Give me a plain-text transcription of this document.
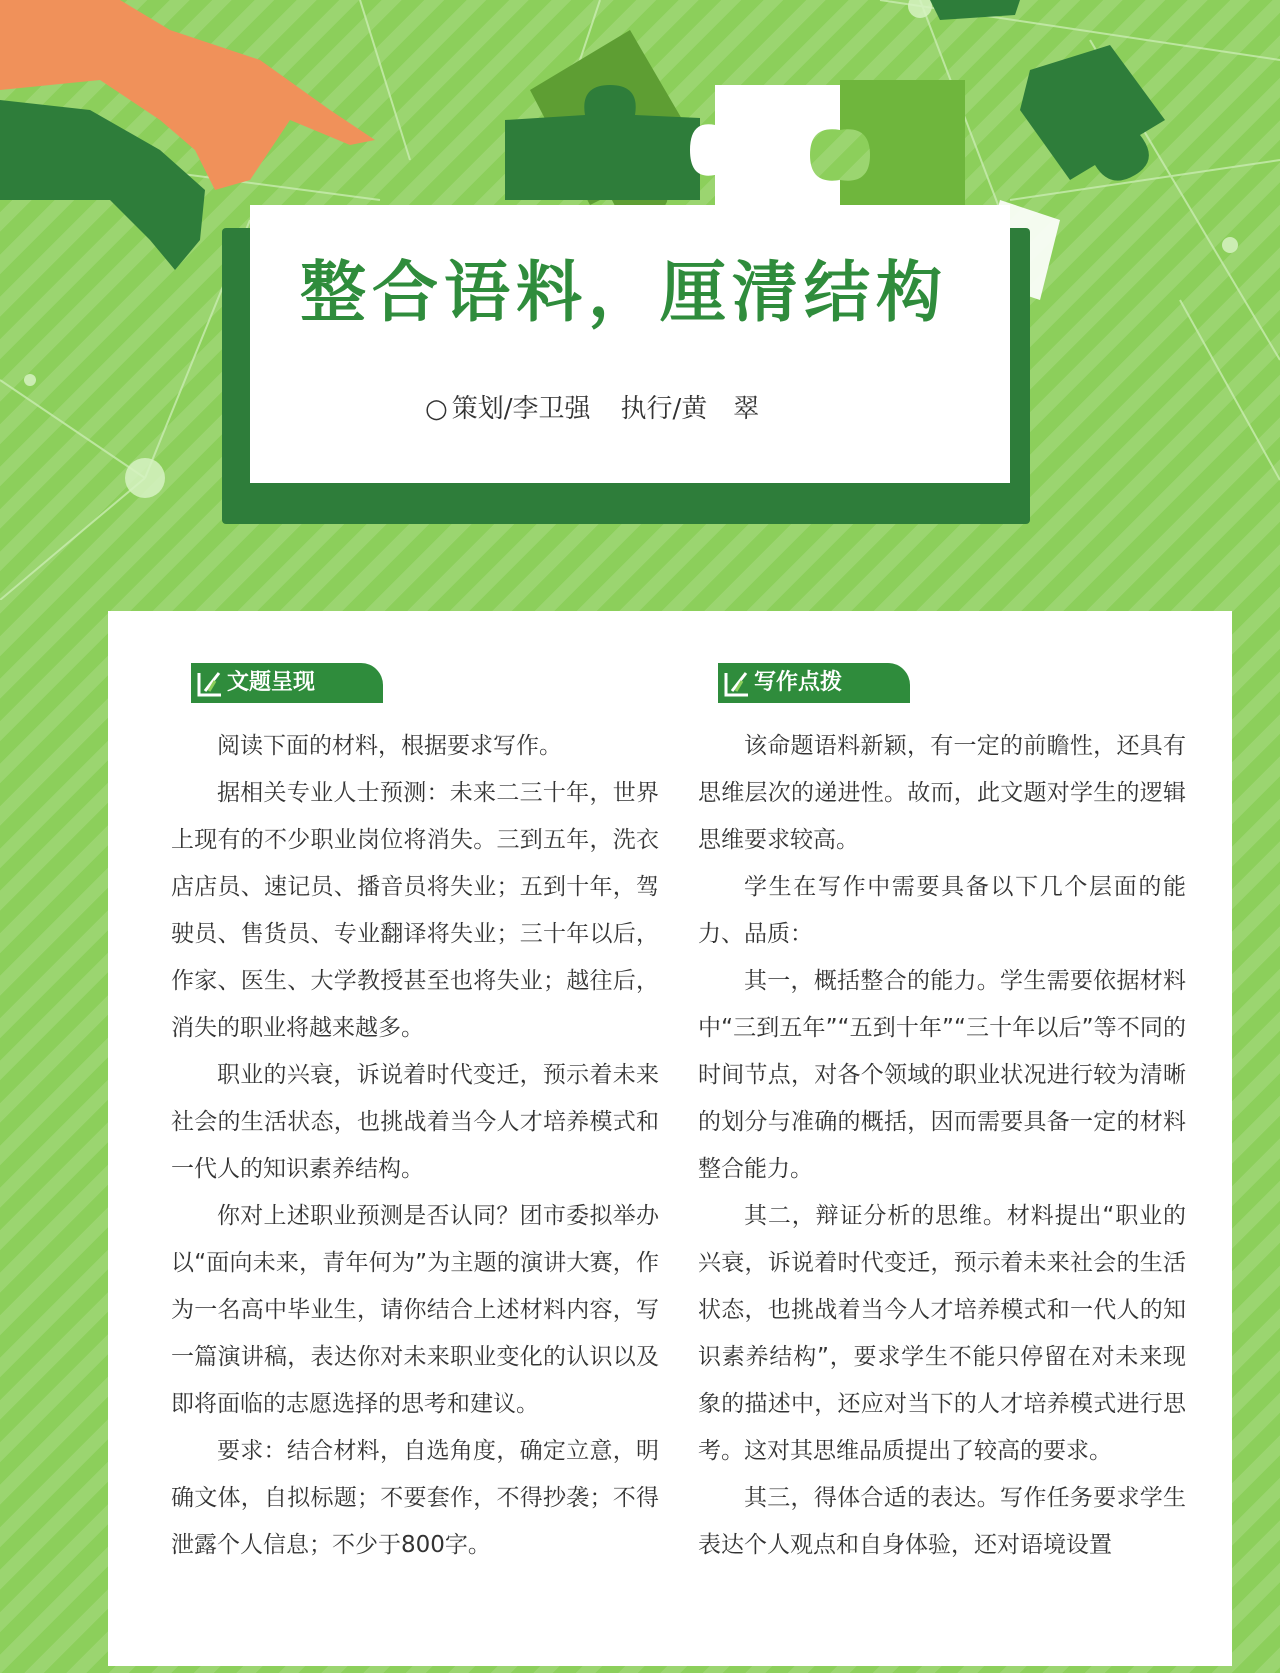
整合语料，厘清结构
○ 策划/李卫强 执行/黄　翠
文题呈现

阅读下面的材料，根据要求写作。

据相关专业人士预测：未来二三十年，世界上现有的不少职业岗位将消失。三到五年，洗衣店店员、速记员、播音员将失业；五到十年，驾驶员、售货员、专业翻译将失业；三十年以后，作家、医生、大学教授甚至也将失业；越往后，消失的职业将越来越多。

职业的兴衰，诉说着时代变迁，预示着未来社会的生活状态，也挑战着当今人才培养模式和一代人的知识素养结构。

你对上述职业预测是否认同？团市委拟举办以“面向未来，青年何为”为主题的演讲大赛，作为一名高中毕业生，请你结合上述材料内容，写一篇演讲稿，表达你对未来职业变化的认识以及即将面临的志愿选择的思考和建议。

要求：结合材料，自选角度，确定立意，明确文体，自拟标题；不要套作，不得抄袭；不得泄露个人信息；不少于800字。

写作点拨

该命题语料新颖，有一定的前瞻性，还具有思维层次的递进性。故而，此文题对学生的逻辑思维要求较高。

学生在写作中需要具备以下几个层面的能力、品质：

其一，概括整合的能力。学生需要依据材料中“三到五年”“五到十年”“三十年以后”等不同的时间节点，对各个领域的职业状况进行较为清晰的划分与准确的概括，因而需要具备一定的材料整合能力。

其二，辩证分析的思维。材料提出“职业的兴衰，诉说着时代变迁，预示着未来社会的生活状态，也挑战着当今人才培养模式和一代人的知识素养结构”，要求学生不能只停留在对未来现象的描述中，还应对当下的人才培养模式进行思考。这对其思维品质提出了较高的要求。

其三，得体合适的表达。写作任务要求学生表达个人观点和自身体验，还对语境设置
